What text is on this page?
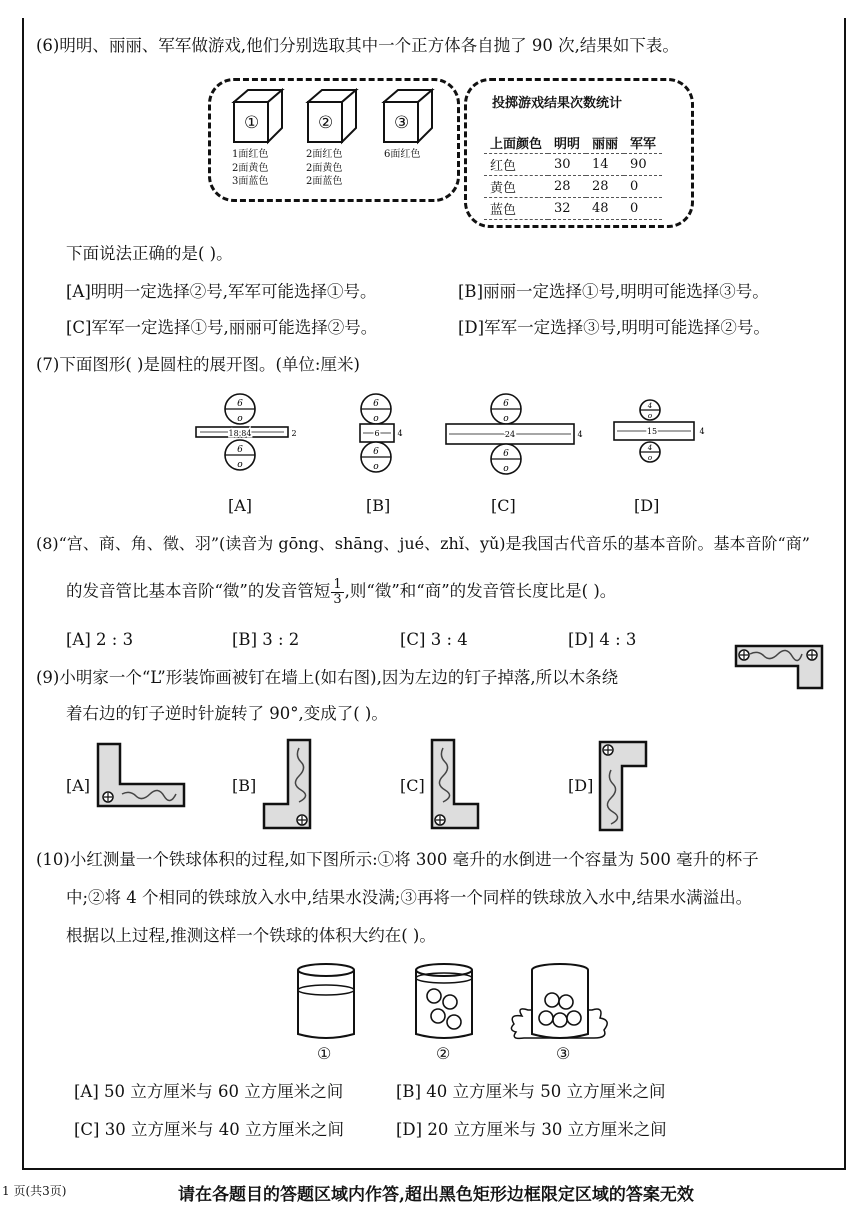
(6)明明、丽丽、军军做游戏,他们分别选取其中一个正方体各自抛了 90 次,结果如下表。
①
1面红色
2面黄色
3面蓝色
②
2面红色
2面黄色
2面蓝色
③
6面红色
投掷游戏结果次数统计
上面颜色	明明	丽丽	军军
红色	30	14	90
黄色	28	28	0
蓝色	32	48	0
下面说法正确的是( )。
[A]明明一定选择②号,军军可能选择①号。	[B]丽丽一定选择①号,明明可能选择③号。
[C]军军一定选择①号,丽丽可能选择②号。	[D]军军一定选择③号,明明可能选择②号。
(7)下面图形( )是圆柱的展开图。(单位:厘米)
6
o
6
o
18.84	2
6
o
6
o
6 4
6
o
6
o
24	4
4
o
4
o
15	4
[A]	[B]	[C]	[D]
(8)“宫、商、角、徵、羽”(读音为 gōng、shāng、jué、zhǐ、yǔ)是我国古代音乐的基本音阶。基本音阶“商”
的发音管比基本音阶“徵”的发音管短 $\frac{1}{3}$ ,则“徵”和“商”的发音管长度比是( )。
[A] 2 : 3	[B] 3 : 2	[C] 3 : 4	[D] 4 : 3
(9)小明家一个“L”形装饰画被钉在墙上(如右图),因为左边的钉子掉落,所以木条绕
着右边的钉子逆时针旋转了 90°,变成了( )。
[A]	[B]	[C]	[D]
(10)小红测量一个铁球体积的过程,如下图所示:①将 300 毫升的水倒进一个容量为 500 毫升的杯子
中;②将 4 个相同的铁球放入水中,结果水没满;③再将一个同样的铁球放入水中,结果水满溢出。
根据以上过程,推测这样一个铁球的体积大约在( )。
①	②	③
[A] 50 立方厘米与 60 立方厘米之间	[B] 40 立方厘米与 50 立方厘米之间
[C] 30 立方厘米与 40 立方厘米之间	[D] 20 立方厘米与 30 立方厘米之间
1 页(共3页)	请在各题目的答题区域内作答,超出黑色矩形边框限定区域的答案无效
